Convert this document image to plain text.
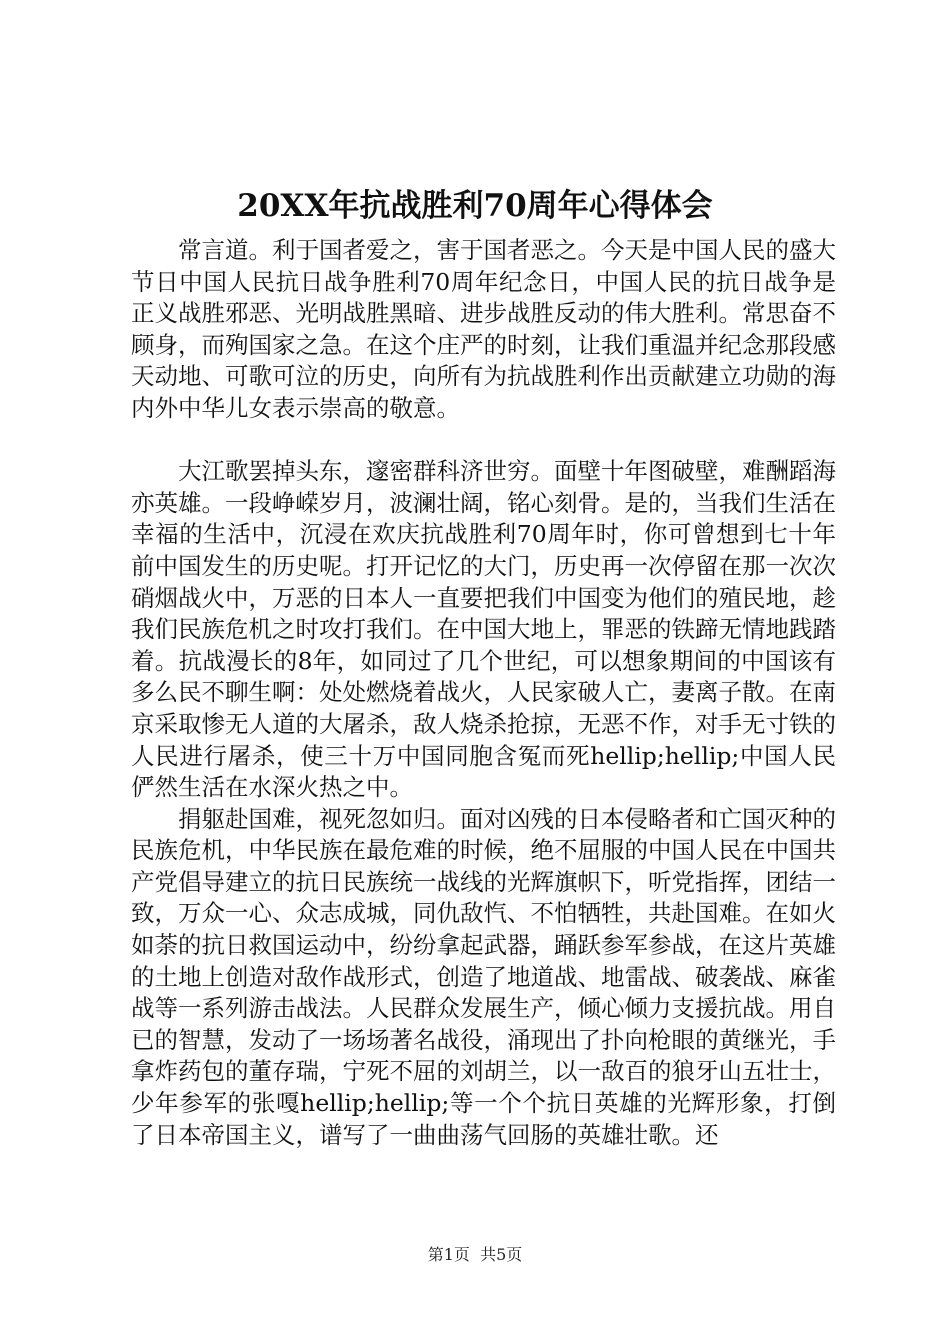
20XX年抗战胜利70周年心得体会

常言道。利于国者爱之，害于国者恶之。今天是中国人民的盛大节日中国人民抗日战争胜利70周年纪念日，中国人民的抗日战争是正义战胜邪恶、光明战胜黑暗、进步战胜反动的伟大胜利。常思奋不顾身，而殉国家之急。在这个庄严的时刻，让我们重温并纪念那段感天动地、可歌可泣的历史，向所有为抗战胜利作出贡献建立功勋的海内外中华儿女表示崇高的敬意。

大江歌罢掉头东，邃密群科济世穷。面壁十年图破壁，难酬蹈海亦英雄。一段峥嵘岁月，波澜壮阔，铭心刻骨。是的，当我们生活在幸福的生活中，沉浸在欢庆抗战胜利70周年时，你可曾想到七十年前中国发生的历史呢。打开记忆的大门，历史再一次停留在那一次次硝烟战火中，万恶的日本人一直要把我们中国变为他们的殖民地，趁我们民族危机之时攻打我们。在中国大地上，罪恶的铁蹄无情地践踏着。抗战漫长的8年，如同过了几个世纪，可以想象期间的中国该有多么民不聊生啊：处处燃烧着战火，人民家破人亡，妻离子散。在南京采取惨无人道的大屠杀，敌人烧杀抢掠，无恶不作，对手无寸铁的人民进行屠杀，使三十万中国同胞含冤而死hellip;hellip;中国人民俨然生活在水深火热之中。

捐躯赴国难，视死忽如归。面对凶残的日本侵略者和亡国灭种的民族危机，中华民族在最危难的时候，绝不屈服的中国人民在中国共产党倡导建立的抗日民族统一战线的光辉旗帜下，听党指挥，团结一致，万众一心、众志成城，同仇敌忾、不怕牺牲，共赴国难。在如火如荼的抗日救国运动中，纷纷拿起武器，踊跃参军参战，在这片英雄的土地上创造对敌作战形式，创造了地道战、地雷战、破袭战、麻雀战等一系列游击战法。人民群众发展生产，倾心倾力支援抗战。用自已的智慧，发动了一场场著名战役，涌现出了扑向枪眼的黄继光，手拿炸药包的董存瑞，宁死不屈的刘胡兰，以一敌百的狼牙山五壮士，少年参军的张嘎hellip;hellip;等一个个抗日英雄的光辉形象，打倒了日本帝国主义，谱写了一曲曲荡气回肠的英雄壮歌。还

第1页 共5页
